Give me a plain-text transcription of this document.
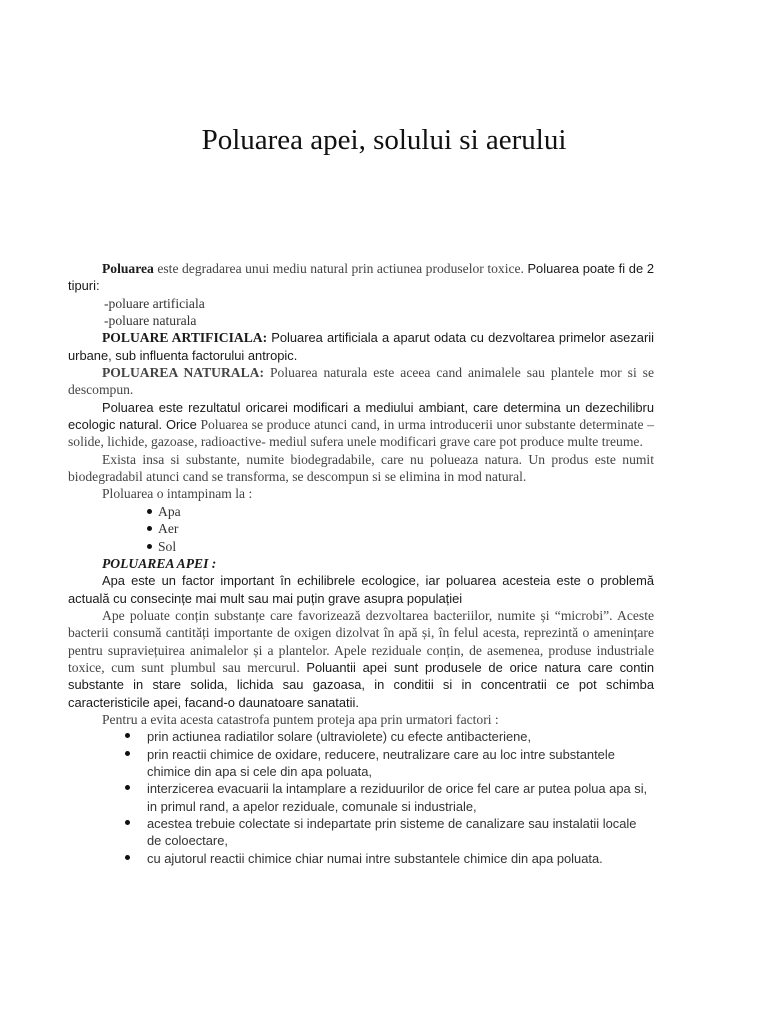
Poluarea apei, solului si aerului

Poluarea este degradarea unui mediu natural prin actiunea produselor toxice. Poluarea poate fi de 2 tipuri:

-poluare artificiala

-poluare naturala

POLUARE ARTIFICIALA: Poluarea artificiala a aparut odata cu dezvoltarea primelor asezarii urbane, sub influenta factorului antropic.

POLUAREA NATURALA: Poluarea naturala este aceea cand animalele sau plantele mor si se descompun.

Poluarea este rezultatul oricarei modificari a mediului ambiant, care determina un dezechilibru ecologic natural. Orice Poluarea se produce atunci cand, in urma introducerii unor substante determinate – solide, lichide, gazoase, radioactive- mediul sufera unele modificari grave care pot produce multe treume.

Exista insa si substante, numite biodegradabile, care nu polueaza natura. Un produs este numit biodegradabil atunci cand se transforma, se descompun si se elimina in mod natural.

Ploluarea o intampinam la :

Apa
Aer
Sol

POLUAREA APEI :

Apa este un factor important în echilibrele ecologice, iar poluarea acesteia este o problemă actuală cu consecințe mai mult sau mai puțin grave asupra populației

Ape poluate conțin substanțe care favorizează dezvoltarea bacteriilor, numite și “microbi”. Aceste bacterii consumă cantități importante de oxigen dizolvat în apă și, în felul acesta, reprezintă o amenințare pentru supraviețuirea animalelor și a plantelor. Apele reziduale conțin, de asemenea, produse industriale toxice, cum sunt plumbul sau mercurul. Poluantii apei sunt produsele de orice natura care contin substante in stare solida, lichida sau gazoasa, in conditii si in concentratii ce pot schimba caracteristicile apei, facand-o daunatoare sanatatii.

Pentru a evita acesta catastrofa puntem proteja apa prin urmatori factori :

prin actiunea radiatilor solare (ultraviolete) cu efecte antibacteriene,
prin reactii chimice de oxidare, reducere, neutralizare care au loc intre substantele chimice din apa si cele din apa poluata,
interzicerea evacuarii la intamplare a reziduurilor de orice fel care ar putea polua apa si, in primul rand, a apelor reziduale, comunale si industriale,
acestea trebuie colectate si indepartate prin sisteme de canalizare sau instalatii locale de coloectare,
cu ajutorul reactii chimice chiar numai intre substantele chimice din apa poluata.
